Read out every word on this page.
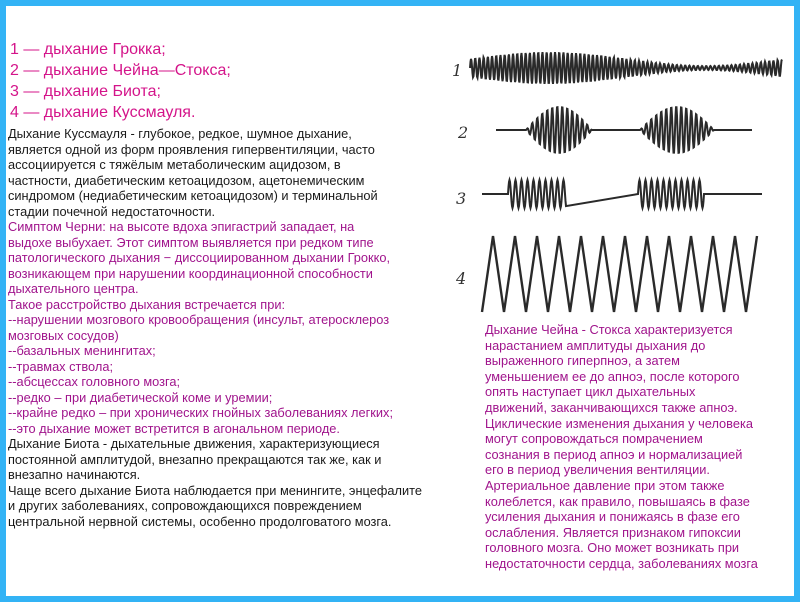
1 — дыхание Грокка;
2 — дыхание Чейна—Стокса;
3 — дыхание Биота;
4 — дыхание Куссмауля.
1
2
3
4
Дыхание Куссмауля - глубокое, редкое, шумное дыхание,
является одной из форм проявления гипервентиляции, часто
ассоциируется с тяжёлым метаболическим ацидозом, в
частности, диабетическим кетоацидозом, ацетонемическим
синдромом (недиабетическим кетоацидозом) и терминальной
стадии почечной недостаточности.
Симптом Черни: на высоте вдоха эпигастрий западает, на
выдохе выбухает. Этот симптом выявляется при редком типе
патологического дыхания − диссоциированном дыхании Грокко,
возникающем при нарушении координационной способности
дыхательного центра.
Такое расстройство дыхания встречается при:
--нарушении мозгового кровообращения (инсульт, атеросклероз
мозговых сосудов)
--базальных менингитах;
--травмах ствола;
--абсцессах головного мозга;
--редко – при диабетической коме и уремии;
--крайне редко – при хронических гнойных заболеваниях легких;
--это дыхание может встретится в агональном периоде.
Дыхание Биота - дыхательные движения, характеризующиеся
постоянной амплитудой, внезапно прекращаются так же, как и
внезапно начинаются.
Чаще всего дыхание Биота наблюдается при менингите, энцефалите
и других заболеваниях, сопровождающихся повреждением
центральной нервной системы, особенно продолговатого мозга.
Дыхание Чейна - Стокса характеризуется
нарастанием амплитуды дыхания до
выраженного гиперпноэ, а затем
уменьшением ее до апноэ, после которого
опять наступает цикл дыхательных
движений, заканчивающихся также апноэ.
Циклические изменения дыхания у человека
могут сопровождаться помрачением
сознания в период апноэ и нормализацией
его в период увеличения вентиляции.
Артериальное давление при этом также
колеблется, как правило, повышаясь в фазе
усиления дыхания и понижаясь в фазе его
ослабления. Является признаком гипоксии
головного мозга. Оно может возникать при
недостаточности сердца, заболеваниях мозга
